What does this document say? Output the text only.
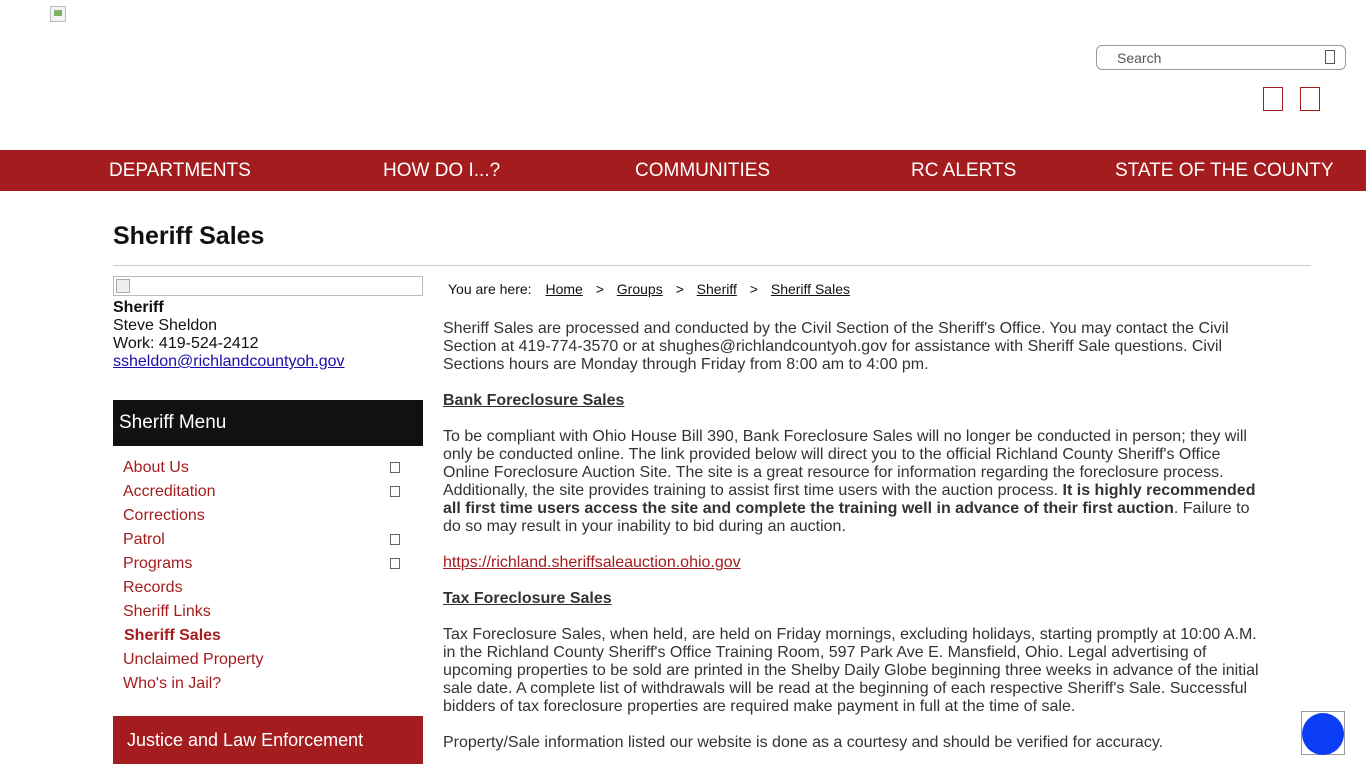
Search
DEPARTMENTS	HOW DO I...?	COMMUNITIES	RC ALERTS	STATE OF THE COUNTY
Sheriff Sales
Sheriff
Steve Sheldon
Work: 419-524-2412
ssheldon@richlandcountyoh.gov
Sheriff Menu
About Us
Accreditation
Corrections
Patrol
Programs
Records
Sheriff Links
Sheriff Sales
Unclaimed Property
Who's in Jail?
Justice and Law Enforcement
You are here: Home > Groups > Sheriff > Sheriff Sales

Sheriff Sales are processed and conducted by the Civil Section of the Sheriff's Office. You may contact the Civil Section at 419-774-3570 or at shughes@richlandcountyoh.gov for assistance with Sheriff Sale questions. Civil Sections hours are Monday through Friday from 8:00 am to 4:00 pm.

Bank Foreclosure Sales

To be compliant with Ohio House Bill 390, Bank Foreclosure Sales will no longer be conducted in person; they will only be conducted online. The link provided below will direct you to the official Richland County Sheriff's Office Online Foreclosure Auction Site. The site is a great resource for information regarding the foreclosure process. Additionally, the site provides training to assist first time users with the auction process. It is highly recommended all first time users access the site and complete the training well in advance of their first auction. Failure to do so may result in your inability to bid during an auction.

https://richland.sheriffsaleauction.ohio.gov

Tax Foreclosure Sales

Tax Foreclosure Sales, when held, are held on Friday mornings, excluding holidays, starting promptly at 10:00 A.M. in the Richland County Sheriff's Office Training Room, 597 Park Ave E. Mansfield, Ohio. Legal advertising of upcoming properties to be sold are printed in the Shelby Daily Globe beginning three weeks in advance of the initial sale date. A complete list of withdrawals will be read at the beginning of each respective Sheriff's Sale. Successful bidders of tax foreclosure properties are required make payment in full at the time of sale.

Property/Sale information listed our website is done as a courtesy and should be verified for accuracy.
